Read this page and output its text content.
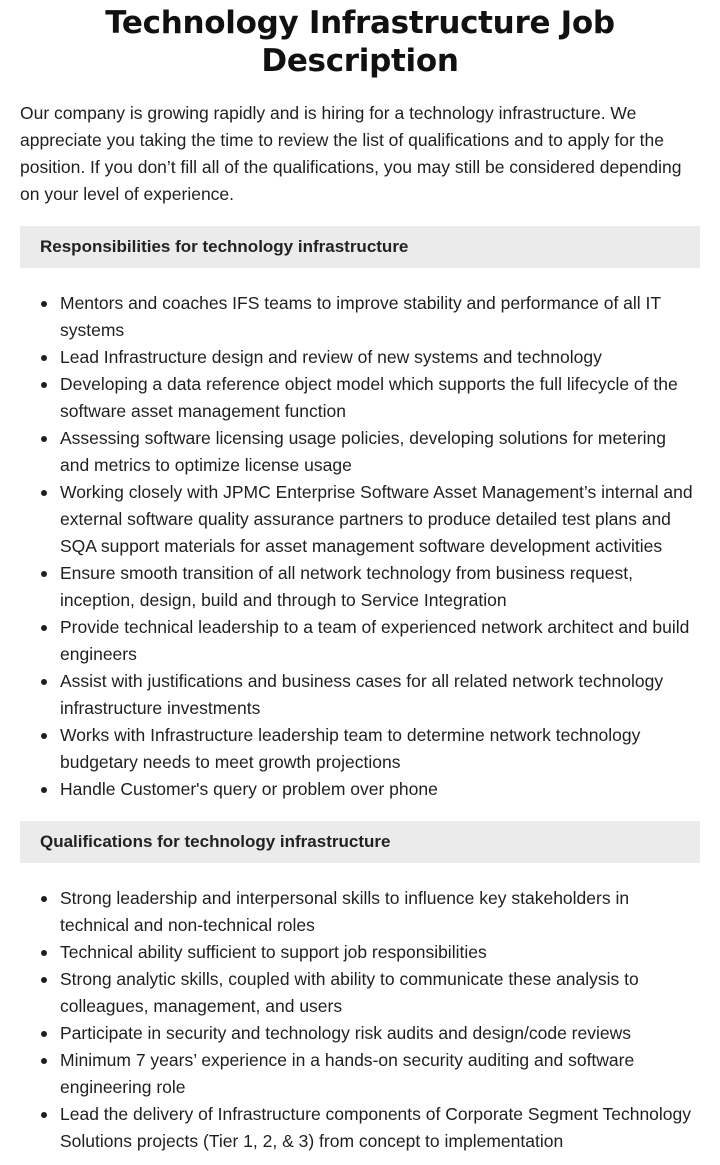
Technology Infrastructure Job Description

Our company is growing rapidly and is hiring for a technology infrastructure. We appreciate you taking the time to review the list of qualifications and to apply for the position. If you don’t fill all of the qualifications, you may still be considered depending on your level of experience.

Responsibilities for technology infrastructure
Mentors and coaches IFS teams to improve stability and performance of all IT systems
Lead Infrastructure design and review of new systems and technology
Developing a data reference object model which supports the full lifecycle of the software asset management function
Assessing software licensing usage policies, developing solutions for metering and metrics to optimize license usage
Working closely with JPMC Enterprise Software Asset Management’s internal and external software quality assurance partners to produce detailed test plans and SQA support materials for asset management software development activities
Ensure smooth transition of all network technology from business request, inception, design, build and through to Service Integration
Provide technical leadership to a team of experienced network architect and build engineers
Assist with justifications and business cases for all related network technology infrastructure investments
Works with Infrastructure leadership team to determine network technology budgetary needs to meet growth projections
Handle Customer's query or problem over phone
Qualifications for technology infrastructure
Strong leadership and interpersonal skills to influence key stakeholders in technical and non-technical roles
Technical ability sufficient to support job responsibilities
Strong analytic skills, coupled with ability to communicate these analysis to colleagues, management, and users
Participate in security and technology risk audits and design/code reviews
Minimum 7 years’ experience in a hands-on security auditing and software engineering role
Lead the delivery of Infrastructure components of Corporate Segment Technology Solutions projects (Tier 1, 2, & 3) from concept to implementation
